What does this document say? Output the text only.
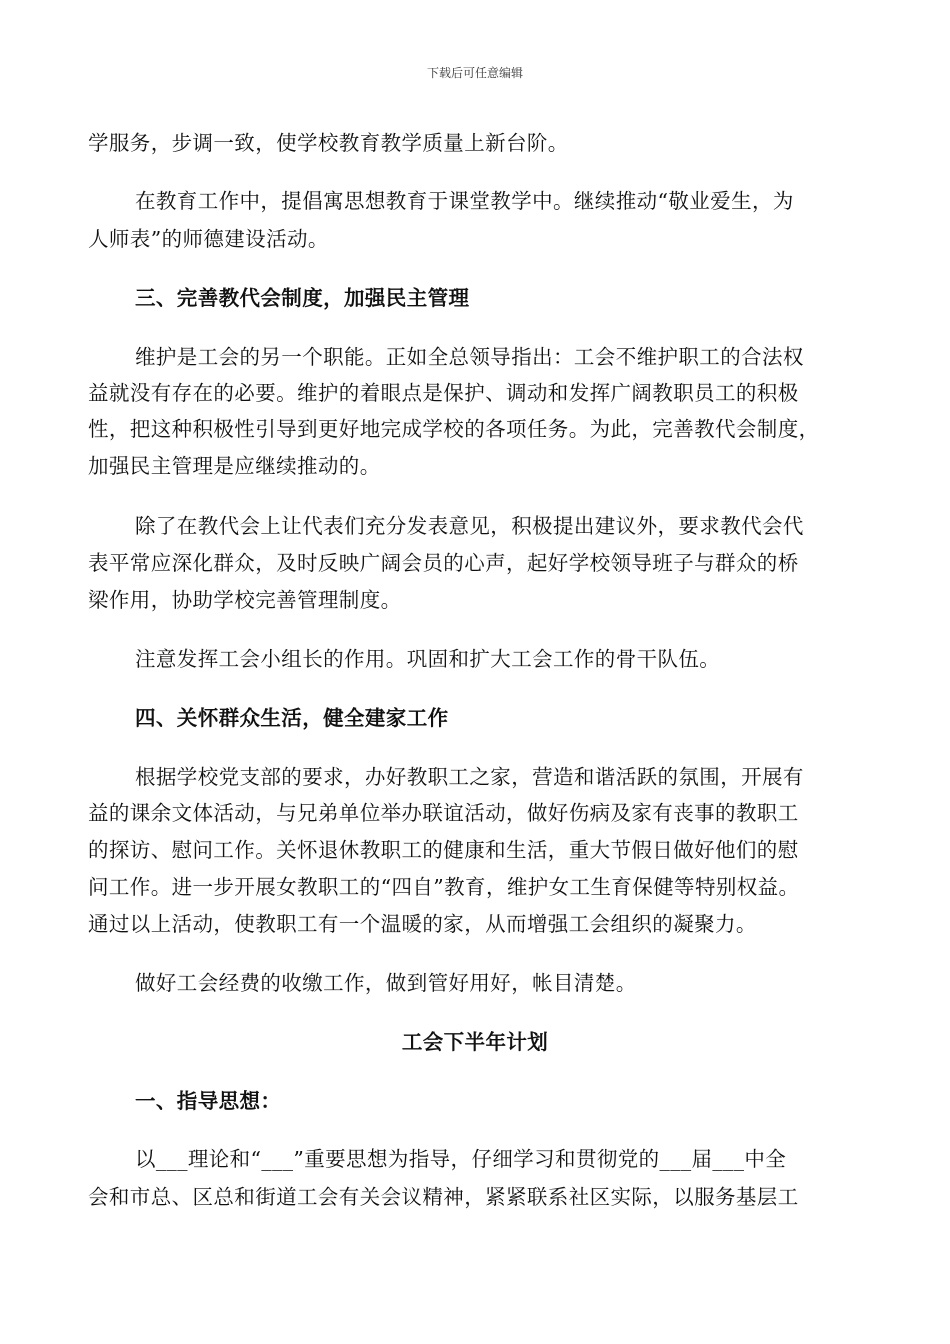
下载后可任意编辑
学服务，步调一致，使学校教育教学质量上新台阶。
在教育工作中，提倡寓思想教育于课堂教学中。继续推动“敬业爱生，为
人师表”的师德建设活动。
三、完善教代会制度，加强民主管理
维护是工会的另一个职能。正如全总领导指出：工会不维护职工的合法权
益就没有存在的必要。维护的着眼点是保护、调动和发挥广阔教职员工的积极
性，把这种积极性引导到更好地完成学校的各项任务。为此，完善教代会制度，
加强民主管理是应继续推动的。
除了在教代会上让代表们充分发表意见，积极提出建议外，要求教代会代
表平常应深化群众，及时反映广阔会员的心声，起好学校领导班子与群众的桥
梁作用，协助学校完善管理制度。
注意发挥工会小组长的作用。巩固和扩大工会工作的骨干队伍。
四、关怀群众生活，健全建家工作
根据学校党支部的要求，办好教职工之家，营造和谐活跃的氛围，开展有
益的课余文体活动，与兄弟单位举办联谊活动，做好伤病及家有丧事的教职工
的探访、慰问工作。关怀退休教职工的健康和生活，重大节假日做好他们的慰
问工作。进一步开展女教职工的“四自”教育，维护女工生育保健等特别权益。
通过以上活动，使教职工有一个温暖的家，从而增强工会组织的凝聚力。
做好工会经费的收缴工作，做到管好用好，帐目清楚。
工会下半年计划
一、指导思想：
以___理论和“___”重要思想为指导，仔细学习和贯彻党的___届___中全
会和市总、区总和街道工会有关会议精神，紧紧联系社区实际，以服务基层工
